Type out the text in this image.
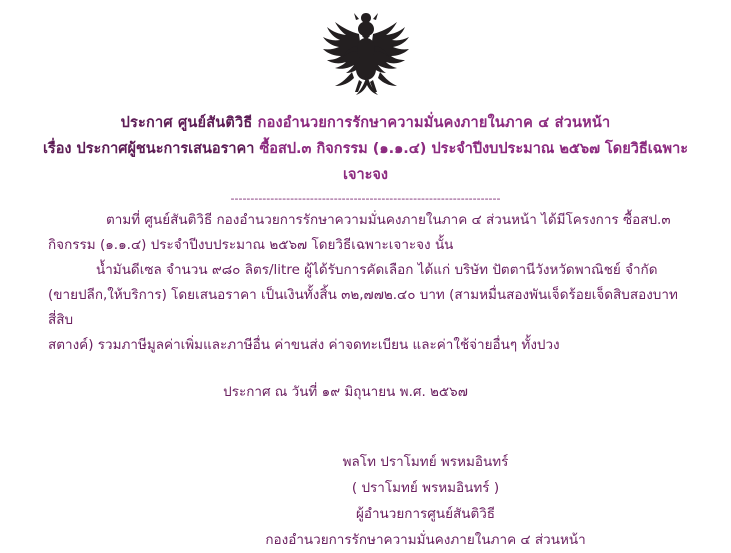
ประกาศ ศูนย์สันติวิธี กองอำนวยการรักษาความมั่นคงภายในภาค ๔ ส่วนหน้า
เรื่อง ประกาศผู้ชนะการเสนอราคา ซื้อสป.๓ กิจกรรม (๑.๑.๔) ประจำปีงบประมาณ ๒๕๖๗ โดยวิธีเฉพาะเจาะจง
--------------------------------------------------------------------

ตามที่ ศูนย์สันติวิธี กองอำนวยการรักษาความมั่นคงภายในภาค ๔ ส่วนหน้า ได้มีโครงการ ซื้อสป.๓
กิจกรรม (๑.๑.๔) ประจำปีงบประมาณ ๒๕๖๗ โดยวิธีเฉพาะเจาะจง นั้น

น้ำมันดีเซล จำนวน ๙๘๐ ลิตร/litre ผู้ได้รับการคัดเลือก ได้แก่ บริษัท ปัตตานีวังหวัดพาณิชย์ จำกัด
(ขายปลีก,ให้บริการ) โดยเสนอราคา เป็นเงินทั้งสิ้น ๓๒,๗๗๒.๔๐ บาท (สามหมื่นสองพันเจ็ดร้อยเจ็ดสิบสองบาทสี่สิบ
สตางค์) รวมภาษีมูลค่าเพิ่มและภาษีอื่น ค่าขนส่ง ค่าจดทะเบียน และค่าใช้จ่ายอื่นๆ ทั้งปวง

ประกาศ ณ วันที่ ๑๙ มิถุนายน พ.ศ. ๒๕๖๗
พลโท ปราโมทย์ พรหมอินทร์
( ปราโมทย์ พรหมอินทร์ )
ผู้อำนวยการศูนย์สันติวิธี
กองอำนวยการรักษาความมั่นคงภายในภาค ๔ ส่วนหน้า
